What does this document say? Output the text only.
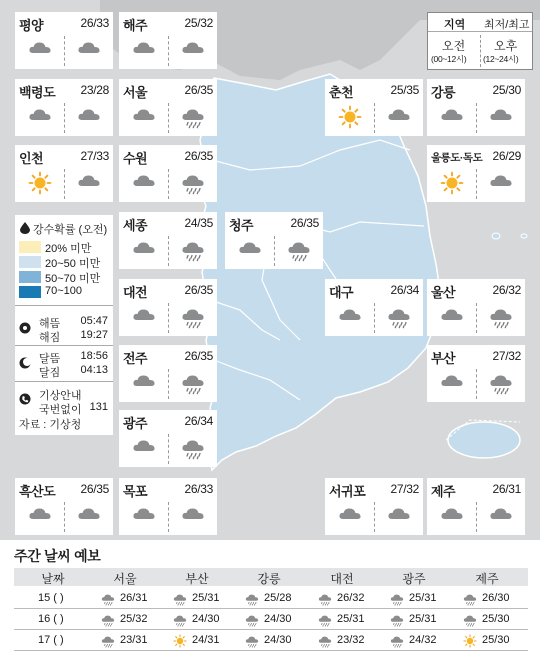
지역 최저/최고
오전
(00~12시)
오후
(12~24시)
평양	26/33 해주	25/32
백령도 23/28 서울	26/35	춘천	25/35 강릉	25/30
인천	27/33 수원	26/35	울릉도·독도 26/29
세종	24/35 청주	26/35
대전	26/35	대구	26/34 울산	26/32
전주	26/35	부산	27/32
광주	26/34
흑산도 26/35 목포	26/33	서귀포 27/32 제주	26/31
강수확률 (오전)
20% 미만
20~50 미만
50~70 미만
70~100
해뜸 05:47
해짐 19:27
달뜸 18:56
달짐 04:13
기상안내
국번없이 131
자료 : 기상청
주간 날씨 예보
날짜	서울	부산	강릉	대전	광주	제주
15 ( )	26/31	25/31	25/28	26/32	25/31	26/30
16 ( )	25/32	24/30	24/30	25/31	25/31	25/30
17 ( )	23/31	24/31	24/30	23/32	24/32	25/30
